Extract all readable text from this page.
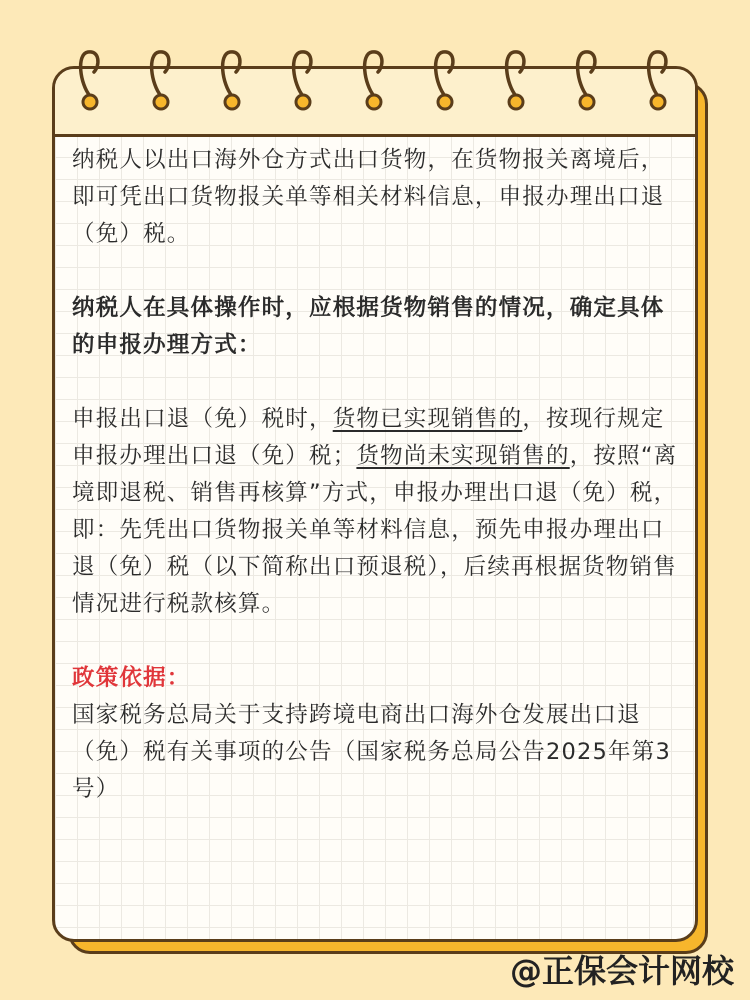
纳税人以出口海外仓方式出口货物，在货物报关离境后，即可凭出口货物报关单等相关材料信息，申报办理出口退（免）税。

纳税人在具体操作时，应根据货物销售的情况，确定具体的申报办理方式：

申报出口退（免）税时，货物已实现销售的，按现行规定申报办理出口退（免）税；货物尚未实现销售的，按照“离境即退税、销售再核算”方式，申报办理出口退（免）税，即：先凭出口货物报关单等材料信息，预先申报办理出口退（免）税（以下简称出口预退税），后续再根据货物销售情况进行税款核算。

政策依据：

国家税务总局关于支持跨境电商出口海外仓发展出口退（免）税有关事项的公告（国家税务总局公告2025年第3号）

@正保会计网校
